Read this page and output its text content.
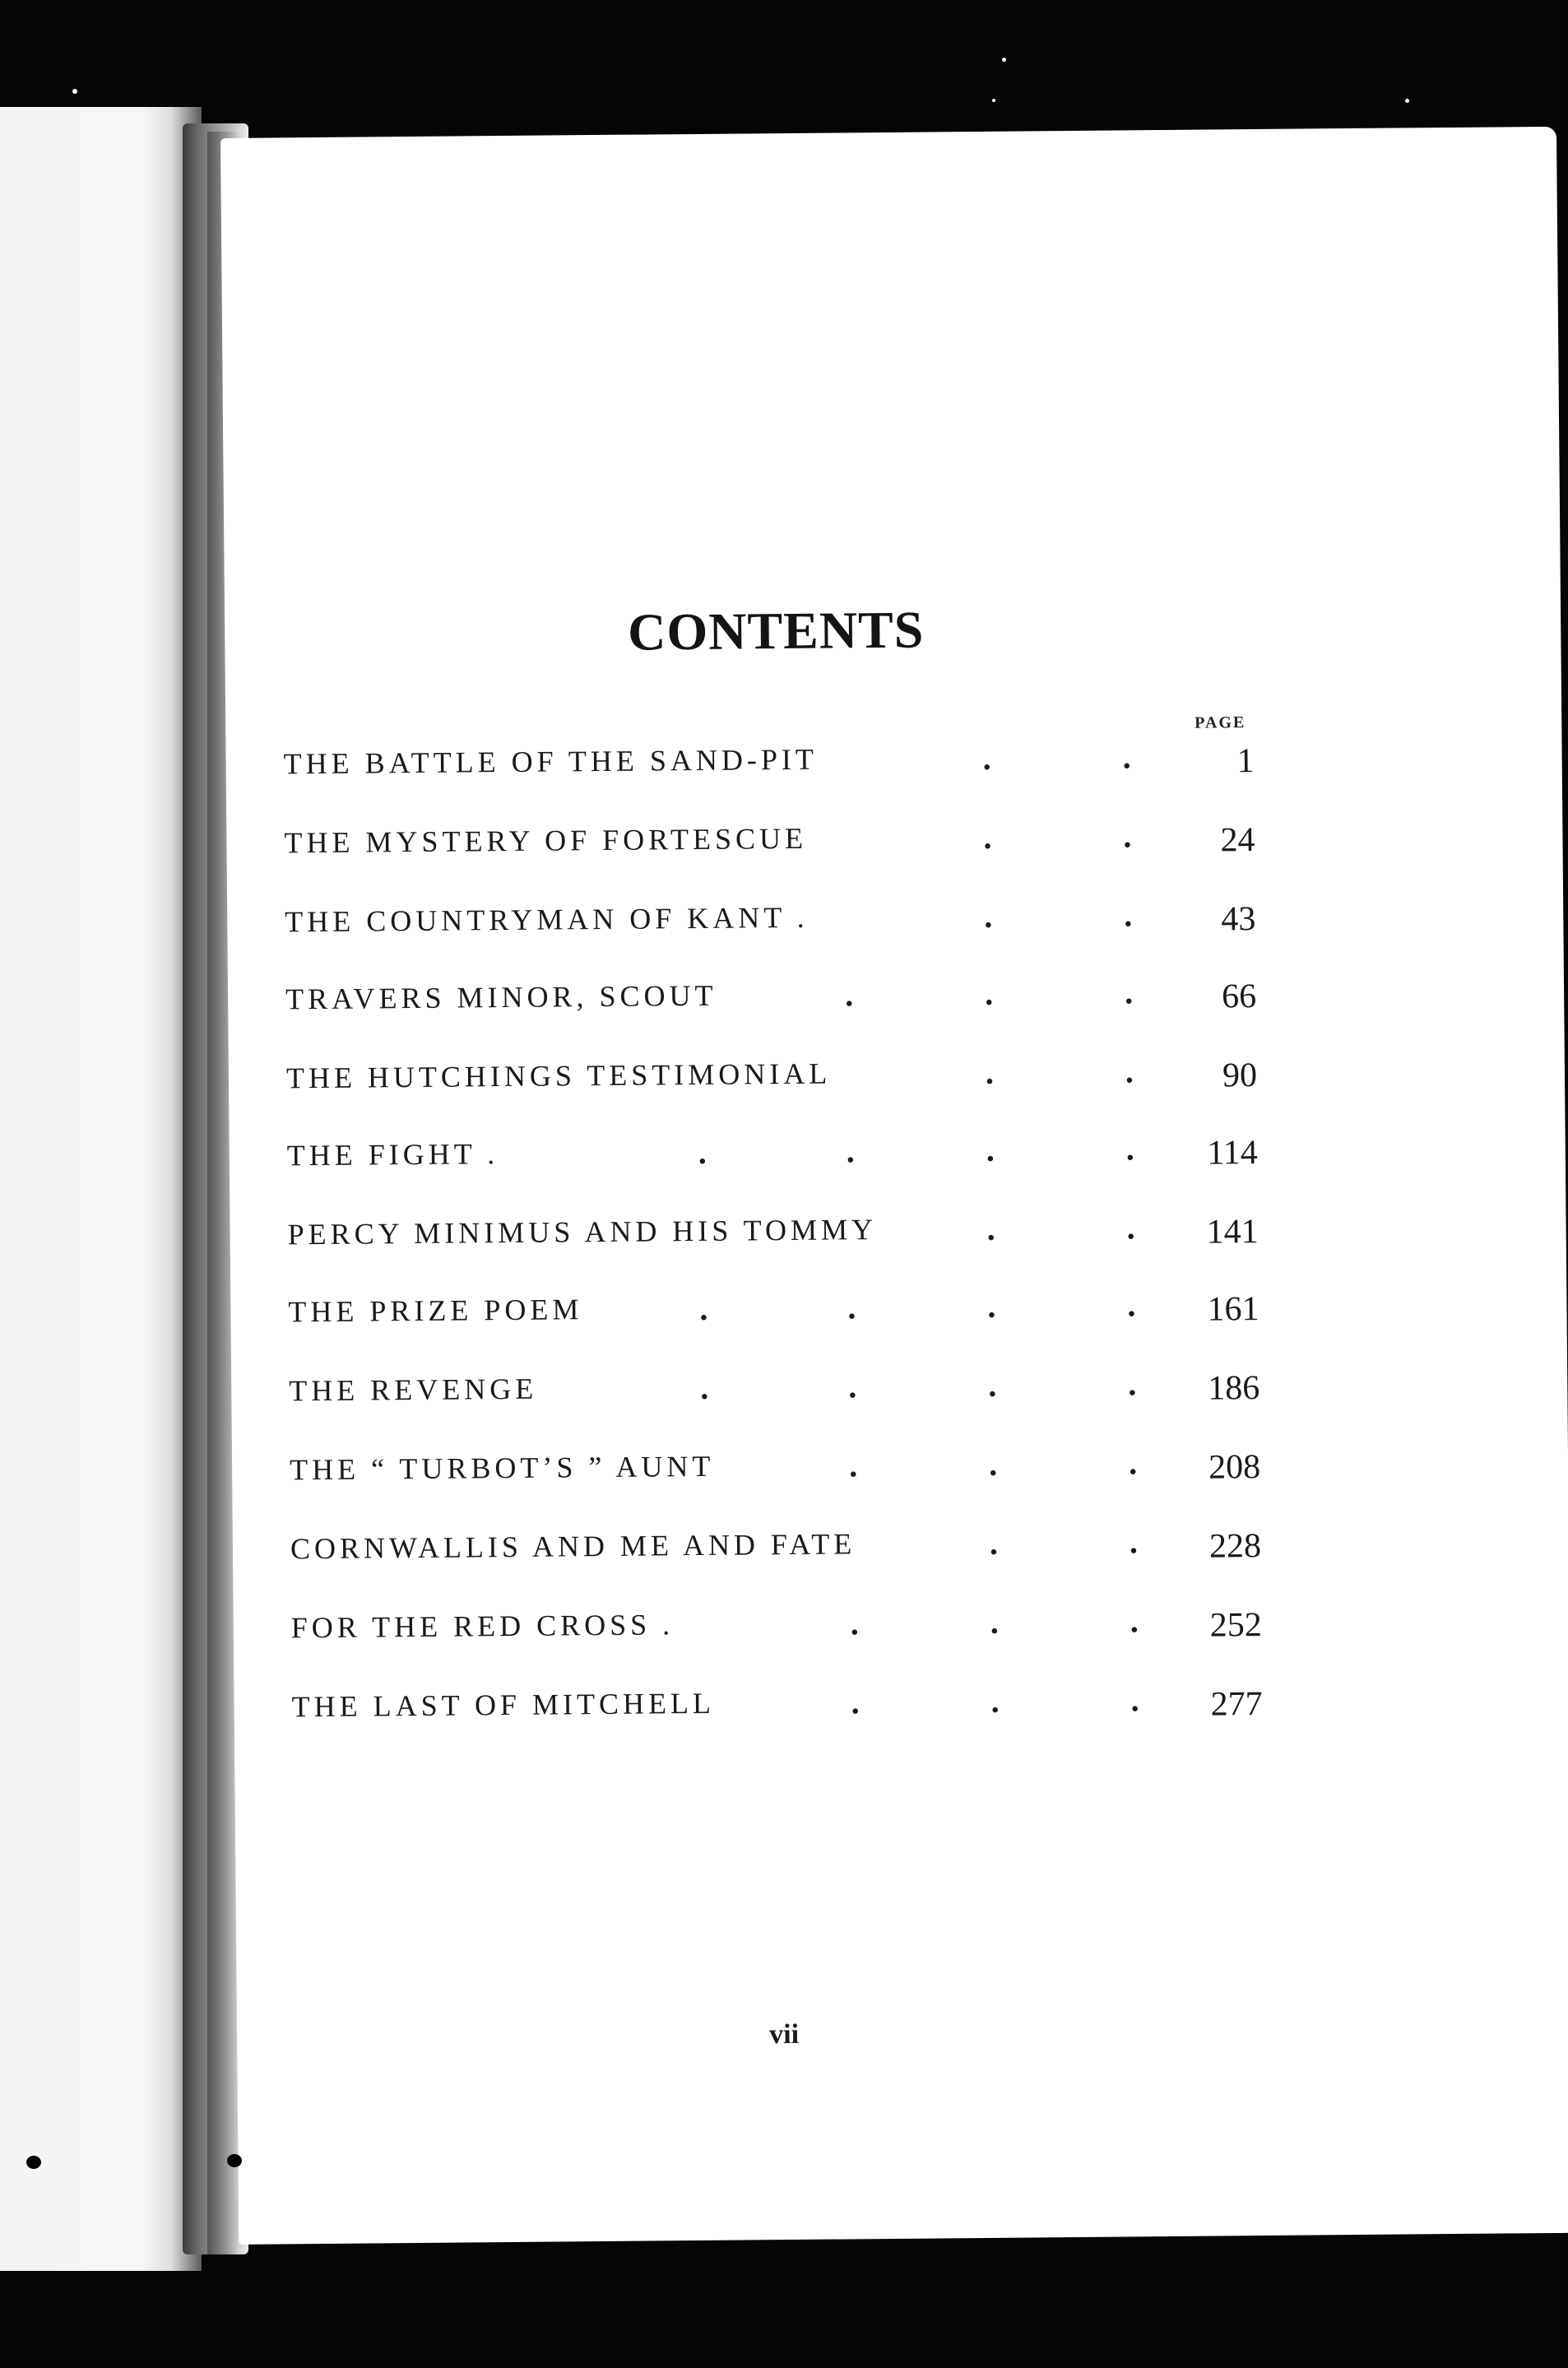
CONTENTS
PAGE
THE BATTLE OF THE SAND-PIT	.	.	1
THE MYSTERY OF FORTESCUE	.	.	24
THE COUNTRYMAN OF KANT .	.	.	43
TRAVERS MINOR, SCOUT	.	.	.	66
THE HUTCHINGS TESTIMONIAL	.	.	90
THE FIGHT .	.	.	.	.	114
PERCY MINIMUS AND HIS TOMMY	.	.	141
THE PRIZE POEM	.	.	.	.	161
THE REVENGE	.	.	.	.	186
THE “ TURBOT’S ” AUNT	.	.	.	208
CORNWALLIS AND ME AND FATE	.	.	228
FOR THE RED CROSS .	.	.	.	252
THE LAST OF MITCHELL	.	.	.	277
vii
